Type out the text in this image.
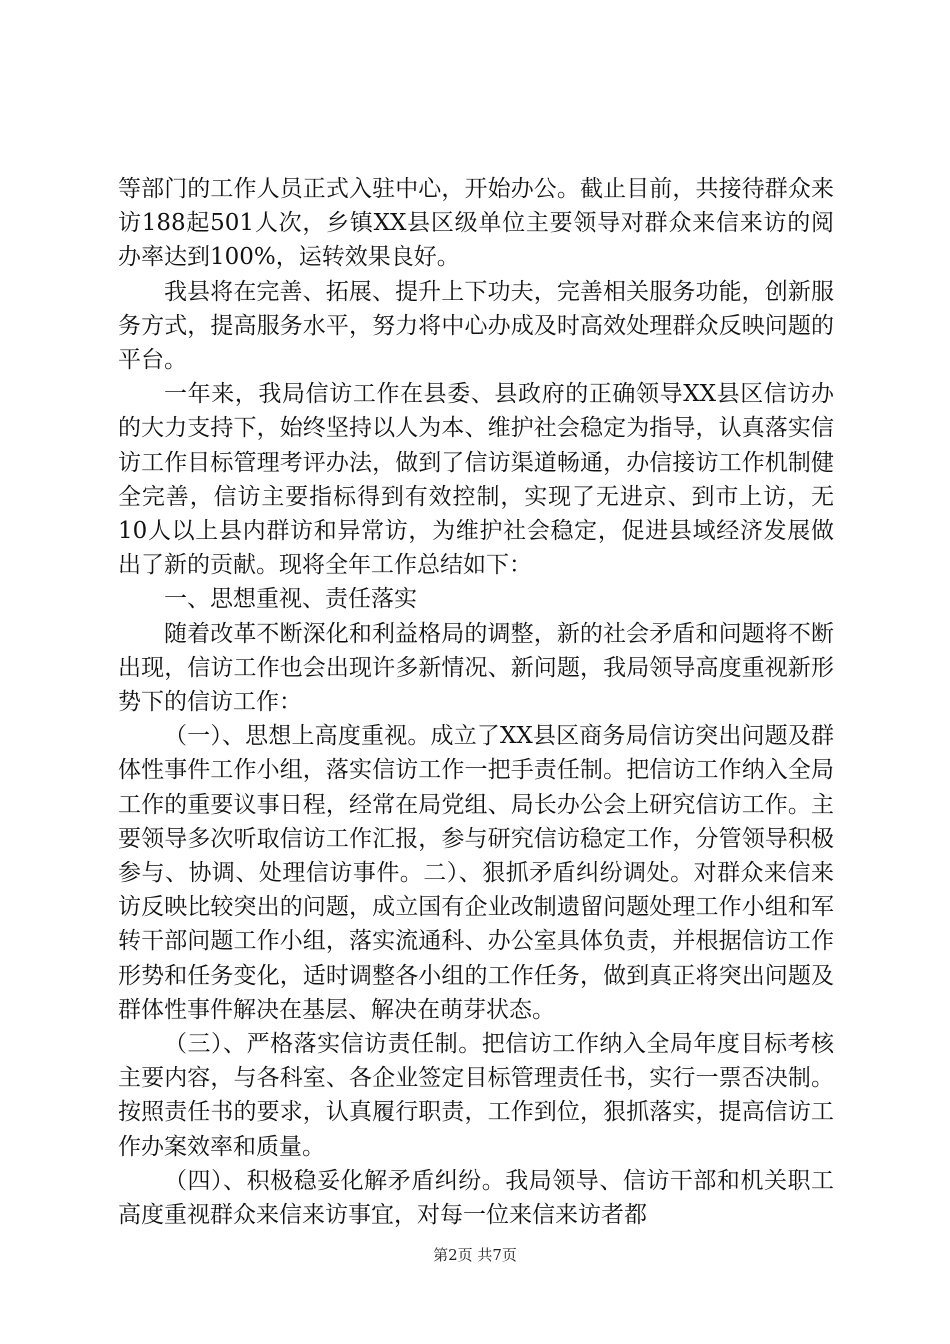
等部门的工作人员正式入驻中心，开始办公。截止目前，共接待群众来访188起501人次，乡镇XX县区级单位主要领导对群众来信来访的阅办率达到100%，运转效果良好。

我县将在完善、拓展、提升上下功夫，完善相关服务功能，创新服务方式，提高服务水平，努力将中心办成及时高效处理群众反映问题的平台。

一年来，我局信访工作在县委、县政府的正确领导XX县区信访办的大力支持下，始终坚持以人为本、维护社会稳定为指导，认真落实信访工作目标管理考评办法，做到了信访渠道畅通，办信接访工作机制健全完善，信访主要指标得到有效控制，实现了无进京、到市上访，无10人以上县内群访和异常访，为维护社会稳定，促进县域经济发展做出了新的贡献。现将全年工作总结如下：

一、思想重视、责任落实

随着改革不断深化和利益格局的调整，新的社会矛盾和问题将不断出现，信访工作也会出现许多新情况、新问题，我局领导高度重视新形势下的信访工作：

（一）、思想上高度重视。成立了XX县区商务局信访突出问题及群体性事件工作小组，落实信访工作一把手责任制。把信访工作纳入全局工作的重要议事日程，经常在局党组、局长办公会上研究信访工作。主要领导多次听取信访工作汇报，参与研究信访稳定工作，分管领导积极参与、协调、处理信访事件。二）、狠抓矛盾纠纷调处。对群众来信来访反映比较突出的问题，成立国有企业改制遗留问题处理工作小组和军转干部问题工作小组，落实流通科、办公室具体负责，并根据信访工作形势和任务变化，适时调整各小组的工作任务，做到真正将突出问题及群体性事件解决在基层、解决在萌芽状态。

（三）、严格落实信访责任制。把信访工作纳入全局年度目标考核主要内容，与各科室、各企业签定目标管理责任书，实行一票否决制。按照责任书的要求，认真履行职责，工作到位，狠抓落实，提高信访工作办案效率和质量。

（四）、积极稳妥化解矛盾纠纷。我局领导、信访干部和机关职工高度重视群众来信来访事宜，对每一位来信来访者都

第2页 共7页
